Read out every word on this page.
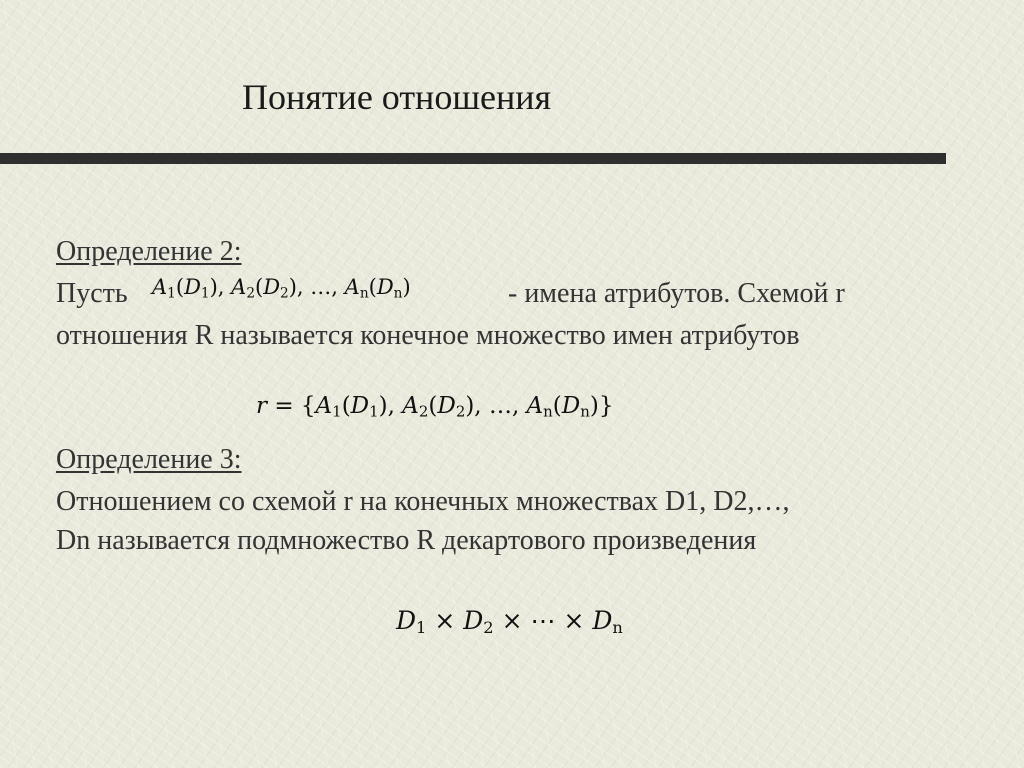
Понятие отношения
Определение 2:
Пусть $A_1(D_1)$, $A_2(D_2)$, …, $A_n(D_n)$	- имена атрибутов. Схемой r
отношения R называется конечное множество имен атрибутов
$r = \{A_1(D_1)$, $A_2(D_2)$, …, $A_n(D_n)$}
Определение 3:
Отношением со схемой r на конечных множествах D1, D2,…,
Dn называется подмножество R декартового произведения
$D_1 \times D_2$ × ⋯ × $D_n$
